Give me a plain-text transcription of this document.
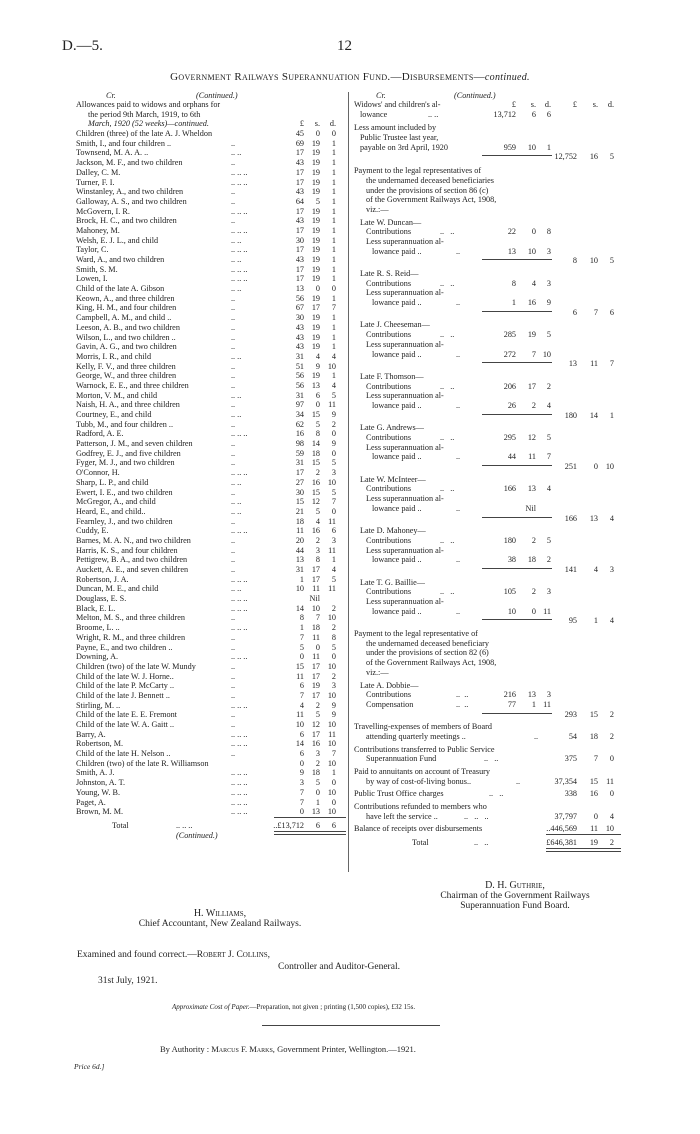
D.—5.	12
Government Railways Superannuation Fund.—Disbursements—continued.
Cr.	(Continued.)
Allowances paid to widows and orphans for
the period 9th March, 1919, to 6th
March, 1920 (52 weeks)—continued.	£	s.	d.
Children (three) of the late A. J. Wheldon	45	0	0
Smith, I., and four children ..	..	69 19	1
Townsend, M. A. A. ..	.. ..	17 19	1
Jackson, M. F., and two children	..	43 19	1
Dalley, C. M.	.. .. ..	17 19	1
Turner, F. I.	.. .. ..	17 19	1
Winstanley, A., and two children	..	43 19	1
Galloway, A. S., and two children	..	64	5	1
McGovern, I. R.	.. .. ..	17 19	1
Brock, H. C., and two children	..	43 19	1
Mahoney, M.	.. .. ..	17 19	1
Welsh, E. J. L., and child	.. ..	30 19	1
Taylor, C.	.. .. ..	17 19	1
Ward, A., and two children	.. ..	43 19	1
Smith, S. M.	.. .. ..	17 19	1
Lowen, I.	.. .. ..	17 19	1
Child of the late A. Gibson	.. ..	13	0	0
Keown, A., and three children	..	56 19	1
King, H. M., and four children	..	67 17	7
Campbell, A. M., and child ..	..	30 19	1
Leeson, A. B., and two children	..	43 19	1
Wilson, L., and two children ..	..	43 19	1
Gavin, A. G., and two children	..	43 19	1
Morris, I. R., and child	.. ..	31	4	4
Kelly, F. V., and three children	..	51	9 10
George, W., and three children	..	56 19	1
Warnock, E. E., and three children	..	56 13	4
Morton, V. M., and child	.. ..	31	6	5
Naish, H. A., and three children	..	97	0 11
Courtney, E., and child	.. ..	34 15	9
Tubb, M., and four children ..	..	62	5	2
Radford, A. E.	.. .. ..	16	8	0
Patterson, J. M., and seven children	..	98 14	9
Godfrey, E. J., and five children	..	59 18	0
Fyger, M. J., and two children	..	31 15	5
O'Connor, H.	.. .. ..	17	2	3
Sharp, L. P., and child	.. ..	27 16 10
Ewert, I. E., and two children	..	30 15	5
McGregor, A., and child	.. ..	15 12	7
Heard, E., and child..	.. ..	21	5	0
Fearnley, J., and two children	..	18	4 11
Cuddy, E.	.. .. ..	11 16	6
Barnes, M. A. N., and two children	..	20	2	3
Harris, K. S., and four children	..	44	3 11
Pettigrew, B. A., and two children	..	13	8	1
Auckett, A. E., and seven children	..	31 17	4
Robertson, J. A.	.. .. ..	1 17	5
Duncan, M. E., and child	.. ..	10 11 11
Douglass, E. S.	.. .. ..	Nil
Black, E. L.	.. .. ..	14 10	2
Melton, M. S., and three children	..	8	7 10
Broome, L. ..	.. .. ..	1 18	2
Wright, R. M., and three children	..	7 11	8
Payne, E., and two children ..	..	5	0	5
Downing, A.	.. .. ..	0 11	0
Children (two) of the late W. Mundy	..	15 17 10
Child of the late W. J. Horne..	..	11 17	2
Child of the late P. McCarty ..	..	6 19	3
Child of the late J. Bennett ..	..	7 17 10
Stirling, M. ..	.. .. ..	4	2	9
Child of the late E. E. Fremont	..	11	5	9
Child of the late W. A. Gaitt ..	..	10 12 10
Barry, A.	.. .. ..	6 17 11
Robertson, M.	.. .. ..	14 16 10
Child of the late H. Nelson ..	..	6	3	7
Children (two) of the late R. Williamson	0	2 10
Smith, A. J.	.. .. ..	9 18	1
Johnston, A. T.	.. .. ..	3	5	0
Young, W. B.	.. .. ..	7	0 10
Paget, A.	.. .. ..	7	1	0
Brown, M. M.	.. .. ..	0 13 10
Total	.. .. ..	..£13,712	6	6
(Continued.)
Cr.	(Continued.)
Widows' and children's al-	£	s.	d.	£	s.	d.
lowance	.. ..	13,712	6	6
Less amount included by
Public Trustee last year,
payable on 3rd April, 1920	959	10	1
12,752	16	5
Payment to the legal representatives of
the undernamed deceased beneficiaries
under the provisions of section 86 (c)
of the Government Railways Act, 1908,
viz.:—
Late W. Duncan—
Contributions	..   ..	22	0	8
Less superannuation al-
lowance paid ..	..	13	10	3
8	10	5
Late R. S. Reid—
Contributions	..   ..	8	4	3
Less superannuation al-
lowance paid ..	..	1	16	9
6	7	6
Late J. Cheeseman—
Contributions	..   ..	285	19	5
Less superannuation al-
lowance paid ..	..	272	7 10
13	11	7
Late F. Thomson—
Contributions	..   ..	206	17	2
Less superannuation al-
lowance paid ..	..	26	2	4
180	14	1
Late G. Andrews—
Contributions	..   ..	295	12	5
Less superannuation al-
lowance paid ..	..	44	11	7
251	0 10
Late W. McInteer—
Contributions	..   ..	166	13	4
Less superannuation al-
lowance paid ..	..	Nil
166	13	4
Late D. Mahoney—
Contributions	..   ..	180	2	5
Less superannuation al-
lowance paid ..	..	38	18	2
141	4	3
Late T. G. Baillie—
Contributions	..   ..	105	2	3
Less superannuation al-
lowance paid ..	..	10	0 11
95	1	4
Payment to the legal representative of
the undernamed deceased beneficiary
under the provisions of section 82 (6)
of the Government Railways Act, 1908,
viz.:—
Late A. Dobbie—
Contributions	..  ..	216	13	3
Compensation	..  ..	77	1 11
293	15	2
Travelling-expenses of members of Board
attending quarterly meetings ..	..	54	18	2
Contributions transferred to Public Service
Superannuation Fund	..   ..	375	7	0
Paid to annuitants on account of Treasury
by way of cost-of-living bonus..	..	37,354	15 11
Public Trust Office charges	..   ..	338	16	0
Contributions refunded to members who
have left the service ..	..   ..   ..	37,797	0	4
Balance of receipts over disbursements	..446,569	11 10
Total	..   ..	£646,381	19	2
D. H. Guthrie,
Chairman of the Government Railways
Superannuation Fund Board.
H. Williams,
Chief Accountant, New Zealand Railways.
Examined and found correct.—Robert J. Collins,
Controller and Auditor-General.
31st July, 1921.
Approximate Cost of Paper.—Preparation, not given ; printing (1,500 copies), £32 15s.
By Authority : Marcus F. Marks, Government Printer, Wellington.—1921.
Price 6d.]
